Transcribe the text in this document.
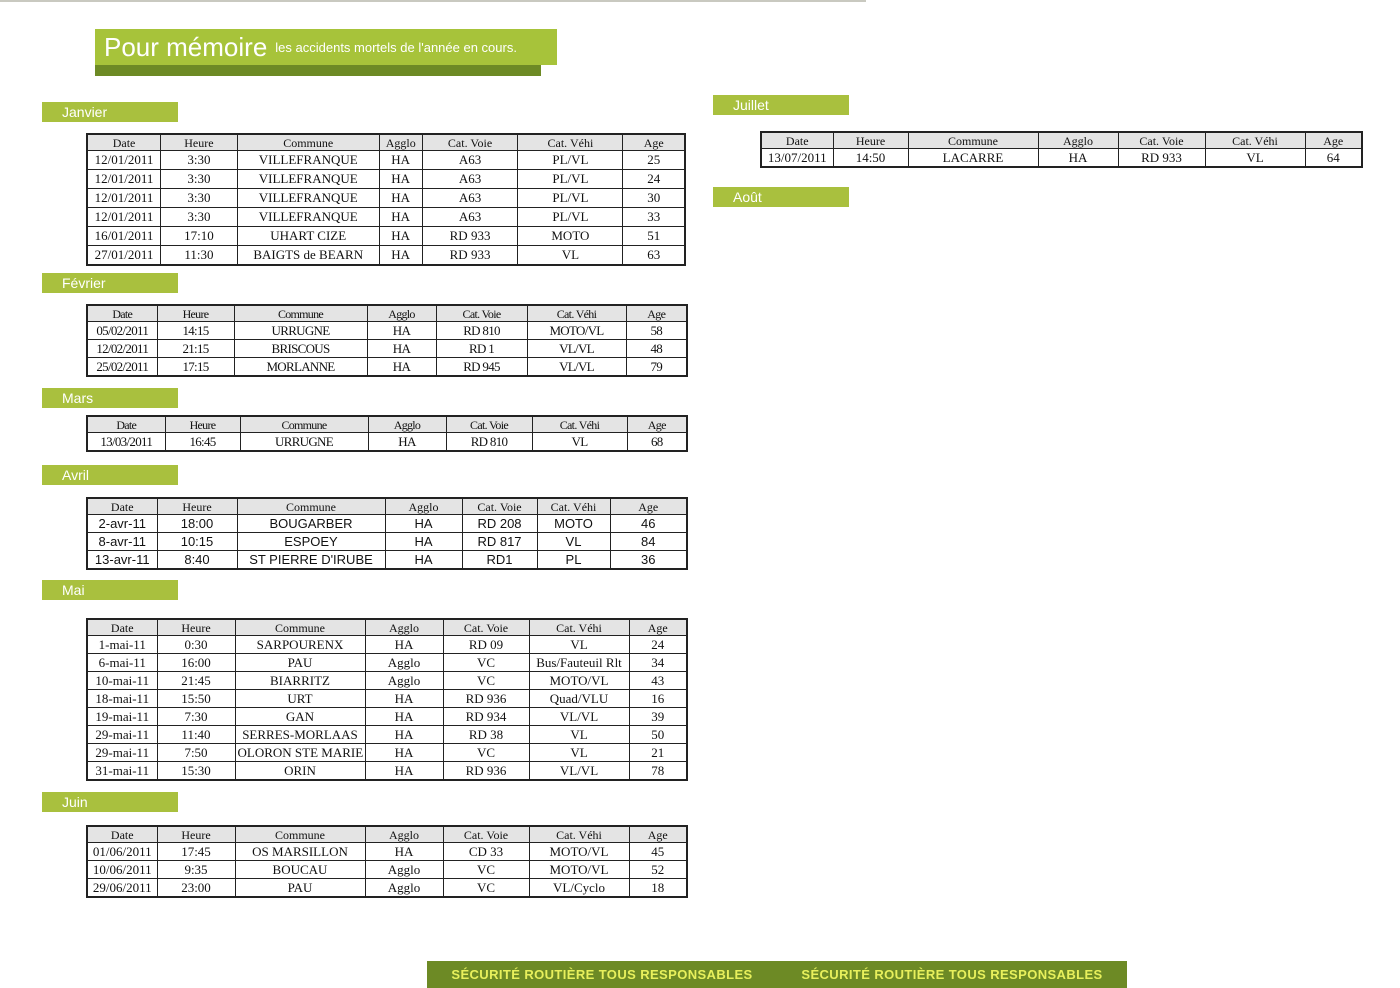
Pour mémoire les accidents mortels de l'année en cours.
Janvier
Date	Heure	Commune	Agglo	Cat. Voie	Cat. Véhi	Age
12/01/2011	3:30	VILLEFRANQUE	HA	A63	PL/VL	25
12/01/2011	3:30	VILLEFRANQUE	HA	A63	PL/VL	24
12/01/2011	3:30	VILLEFRANQUE	HA	A63	PL/VL	30
12/01/2011	3:30	VILLEFRANQUE	HA	A63	PL/VL	33
16/01/2011	17:10	UHART CIZE	HA	RD 933	MOTO	51
27/01/2011	11:30	BAIGTS de BEARN	HA	RD 933	VL	63
Février
Date	Heure	Commune	Agglo	Cat. Voie	Cat. Véhi	Age
05/02/2011	14:15	URRUGNE	HA	RD 810	MOTO/VL	58
12/02/2011	21:15	BRISCOUS	HA	RD 1	VL/VL	48
25/02/2011	17:15	MORLANNE	HA	RD 945	VL/VL	79
Mars
Date	Heure	Commune	Agglo	Cat. Voie	Cat. Véhi	Age
13/03/2011	16:45	URRUGNE	HA	RD 810	VL	68
Avril
Date	Heure	Commune	Agglo	Cat. Voie	Cat. Véhi	Age
2-avr-11	18:00	BOUGARBER	HA	RD 208	MOTO	46
8-avr-11	10:15	ESPOEY	HA	RD 817	VL	84
13-avr-11	8:40	ST PIERRE D'IRUBE	HA	RD1	PL	36
Mai
Date	Heure	Commune	Agglo	Cat. Voie	Cat. Véhi	Age
1-mai-11	0:30	SARPOURENX	HA	RD 09	VL	24
6-mai-11	16:00	PAU	Agglo	VC	Bus/Fauteuil Rlt	34
10-mai-11	21:45	BIARRITZ	Agglo	VC	MOTO/VL	43
18-mai-11	15:50	URT	HA	RD 936	Quad/VLU	16
19-mai-11	7:30	GAN	HA	RD 934	VL/VL	39
29-mai-11	11:40	SERRES-MORLAAS	HA	RD 38	VL	50
29-mai-11	7:50	OLORON STE MARIE	HA	VC	VL	21
31-mai-11	15:30	ORIN	HA	RD 936	VL/VL	78
Juin
Date	Heure	Commune	Agglo	Cat. Voie	Cat. Véhi	Age
01/06/2011	17:45	OS MARSILLON	HA	CD 33	MOTO/VL	45
10/06/2011	9:35	BOUCAU	Agglo	VC	MOTO/VL	52
29/06/2011	23:00	PAU	Agglo	VC	VL/Cyclo	18
Juillet
Date	Heure	Commune	Agglo	Cat. Voie	Cat. Véhi	Age
13/07/2011	14:50	LACARRE	HA	RD 933	VL	64
Août
SÉCURITÉ ROUTIÈRE TOUS RESPONSABLES	SÉCURITÉ ROUTIÈRE TOUS RESPONSABLES
